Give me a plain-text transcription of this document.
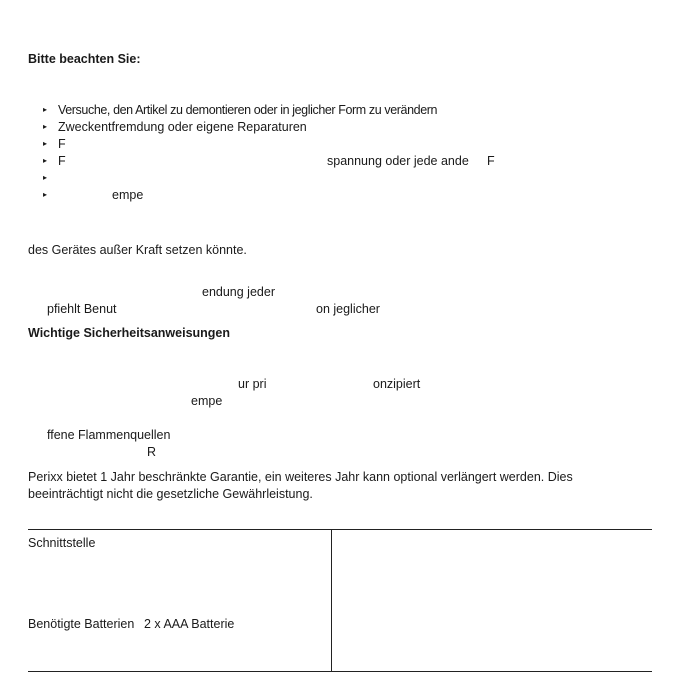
Bitte beachten Sie:
▸ Versuche, den Artikel zu demontieren oder in jeglicher Form zu verändern
▸ Zweckentfremdung oder eigene Reparaturen
▸ F
▸ F	spannung oder jede ande F
▸
▸	empe
des Gerätes außer Kraft setzen könnte.
endung jeder
pfiehlt Benut	on jeglicher
Wichtige Sicherheitsanweisungen
ur pri	onzipiert
empe
ffene Flammenquellen
R
Perixx bietet 1 Jahr beschränkte Garantie, ein weiteres Jahr kann optional verlängert werden. Dies beeinträchtigt nicht die gesetzliche Gewährleistung.
Schnittstelle
Benötigte Batterien 2 x AAA Batterie
